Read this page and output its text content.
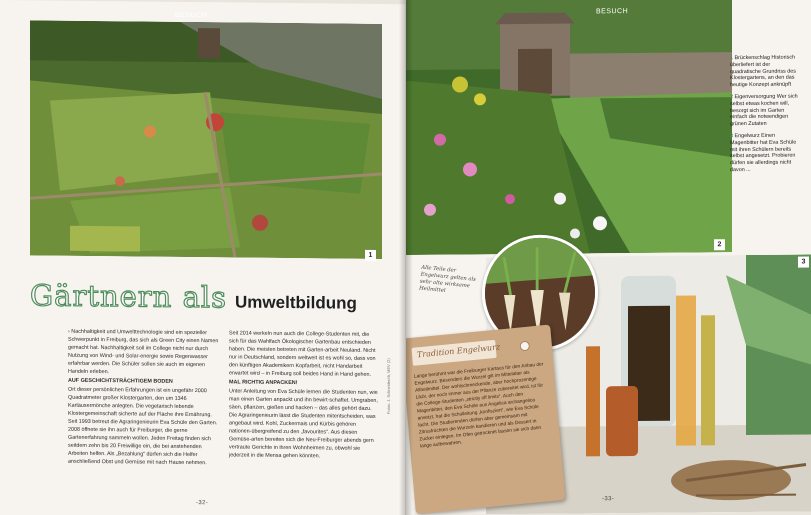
BESUCH
1
Gärtnern als Umweltbildung

› Nachhaltigkeit und Umwelttechnologie sind ein spezieller Schwerpunkt in Freiburg, das sich als Green City einen Namen gemacht hat. Nachhaltigkeit soll im College nicht nur durch Nutzung von Wind- und Solar-energie sowie Regenwasser erfahrbar werden. Die Schüler sollen sie auch im eigenen Handeln erleben.

AUF GESCHICHTSTRÄCHTIGEM BODEN

Ort dieser persönlichen Erfahrungen ist ein ungefähr 2000 Quadratmeter großer Klostergarten, den um 1346 Kartäusermönche anlegten. Die vegetarisch lebende Klostergemeinschaft sicherte auf der Fläche ihre Ernährung. Seit 1993 betreut die Agraringenieurin Eva Schüle den Garten. 2008 öffnete sie ihn auch für Freiburger, die gerne Gartenerfahrung sammeln wollen. Jeden Freitag finden sich seitdem zehn bis 20 Freiwillige ein, die bei anstehenden Arbeiten helfen. Als „Bezahlung“ dürfen sich die Helfer anschließend Obst und Gemüse mit nach Hause nehmen.

Seit 2014 werkeln nun auch die College-Studenten mit, die sich für das Wahlfach Ökologischer Gartenbau entschieden haben. Die meisten betreten mit Garten-arbeit Neuland. Nicht nur in Deutschland, sondern weltweit ist es wohl so, dass von den künftigen Akademikern Kopfarbeit, nicht Handarbeit erwartet wird – in Freiburg soll beides Hand in Hand gehen.

MAL RICHTIG ANPACKEN!

Unter Anleitung von Eva Schüle lernen die Studenten nun, wie man einen Garten anpackt und ihn bewirt-schaftet. Umgraben, säen, pflanzen, gießen und hacken – das alles gehört dazu. Die Agraringenieurin lässt die Studenten mitentscheiden, was angebaut wird. Kohl, Zuckermais und Kürbis gehören nationen-übergreifend zu den „favourites“. Aus diesen Gemüse-arten bereiten sich die Neu-Freiburger abends gern vertraute Gerichte in ihren Wohnheimen zu, obwohl sie jederzeit in die Mensa gehen könnten.

Fotos: J. Schneider/dr, MEV (2)
-32-
BESUCH
2
1 Brückenschlag Historisch überliefert ist der quadratische Grundriss des Klostergartens, an den das heutige Konzept anknüpft
2 Eigenversorgung Wer sich selbst etwas kochen will, besorgt sich im Garten einfach die notwendigen grünen Zutaten
3 Engelwurz Einen Magenbitter hat Eva Schüle mit ihren Schülern bereits selbst angesetzt. Probieren dürfen sie allerdings nicht davon ...
3
Alle Teile der Engelwurz gelten als sehr alte wirksame Heilmittel
Tradition Engelwurz
Lange berühmt war die Freiburger Kartaus für den Anbau der Engelwurz. Besonders die Wurzel gilt im Mittelalter als Allheilmittel. Der wohlschmeckende, aber hochprozentige Likör, der noch immer aus der Pflanze zubereitet wird, ist für die College-Studenten „strictly off limits“. Auch den Magenbitter, den Eva Schüle aus Angelica archangelica ansetzt, hat die Schulleitung „konfisziert“, wie Eva Schüle lacht. Die Studierenden dürfen aber gemeinsam mit Zitrusfrüchten die Wurzeln kandieren und als Dessert in Zucker einlegen. Im Ofen getrocknet lassen sie sich dann lange aufbewahren.
-33-
